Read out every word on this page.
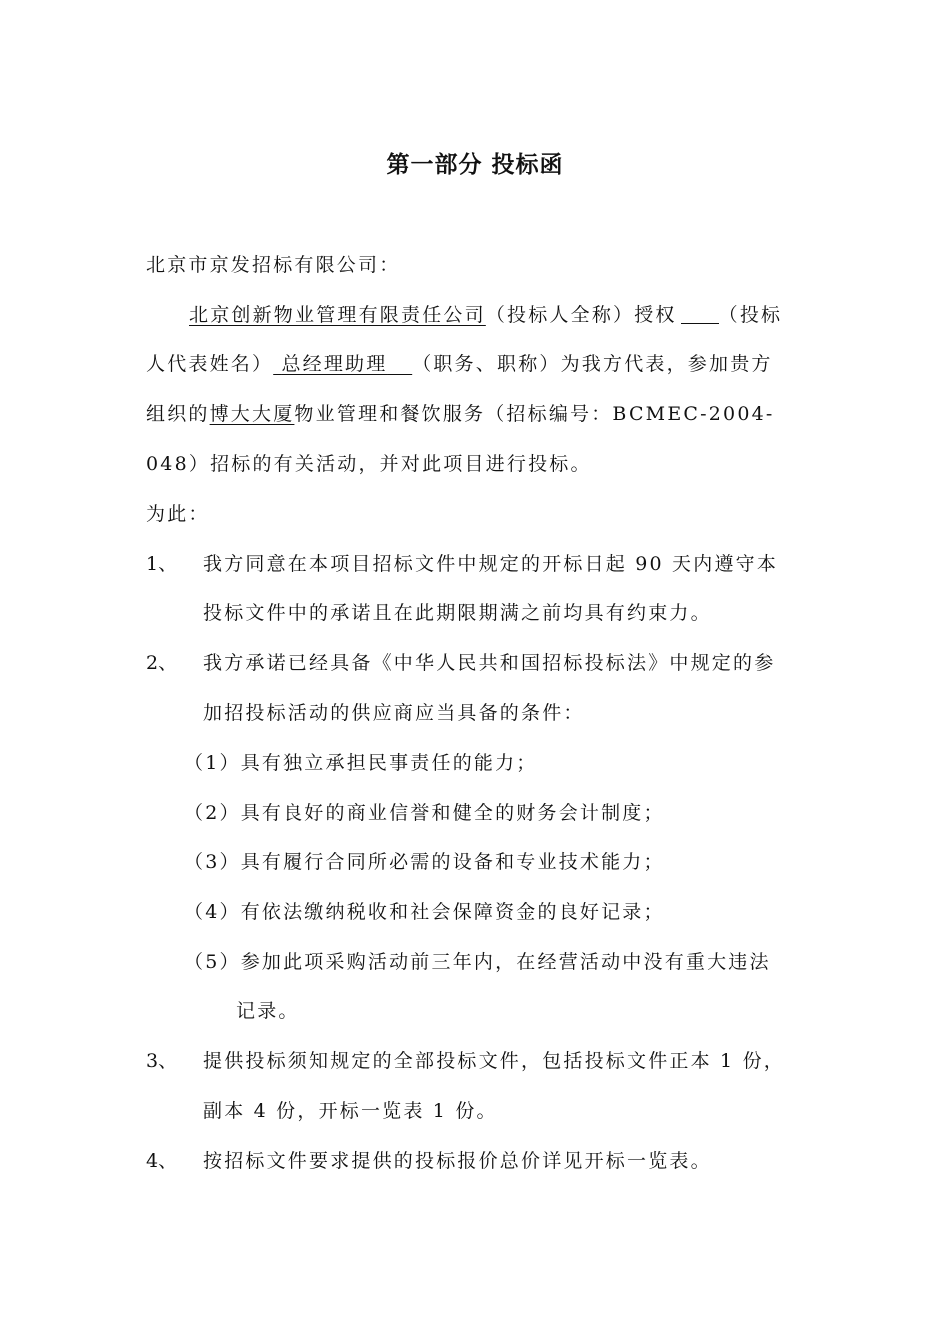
第一部分 投标函
北京市京发招标有限公司：
北京创新物业管理有限责任公司（投标人全称）授权 （投标
人代表姓名） 总经理助理 （职务、职称）为我方代表，参加贵方
组织的博大大厦物业管理和餐饮服务（招标编号：BCMEC-2004-
048）招标的有关活动，并对此项目进行投标。
为此：
1、 我方同意在本项目招标文件中规定的开标日起 90 天内遵守本
投标文件中的承诺且在此期限期满之前均具有约束力。
2、 我方承诺已经具备《中华人民共和国招标投标法》中规定的参
加招投标活动的供应商应当具备的条件：
（1）具有独立承担民事责任的能力；
（2）具有良好的商业信誉和健全的财务会计制度；
（3）具有履行合同所必需的设备和专业技术能力；
（4）有依法缴纳税收和社会保障资金的良好记录；
（5）参加此项采购活动前三年内，在经营活动中没有重大违法
记录。
3、 提供投标须知规定的全部投标文件，包括投标文件正本 1 份，
副本 4 份，开标一览表 1 份。
4、 按招标文件要求提供的投标报价总价详见开标一览表。
